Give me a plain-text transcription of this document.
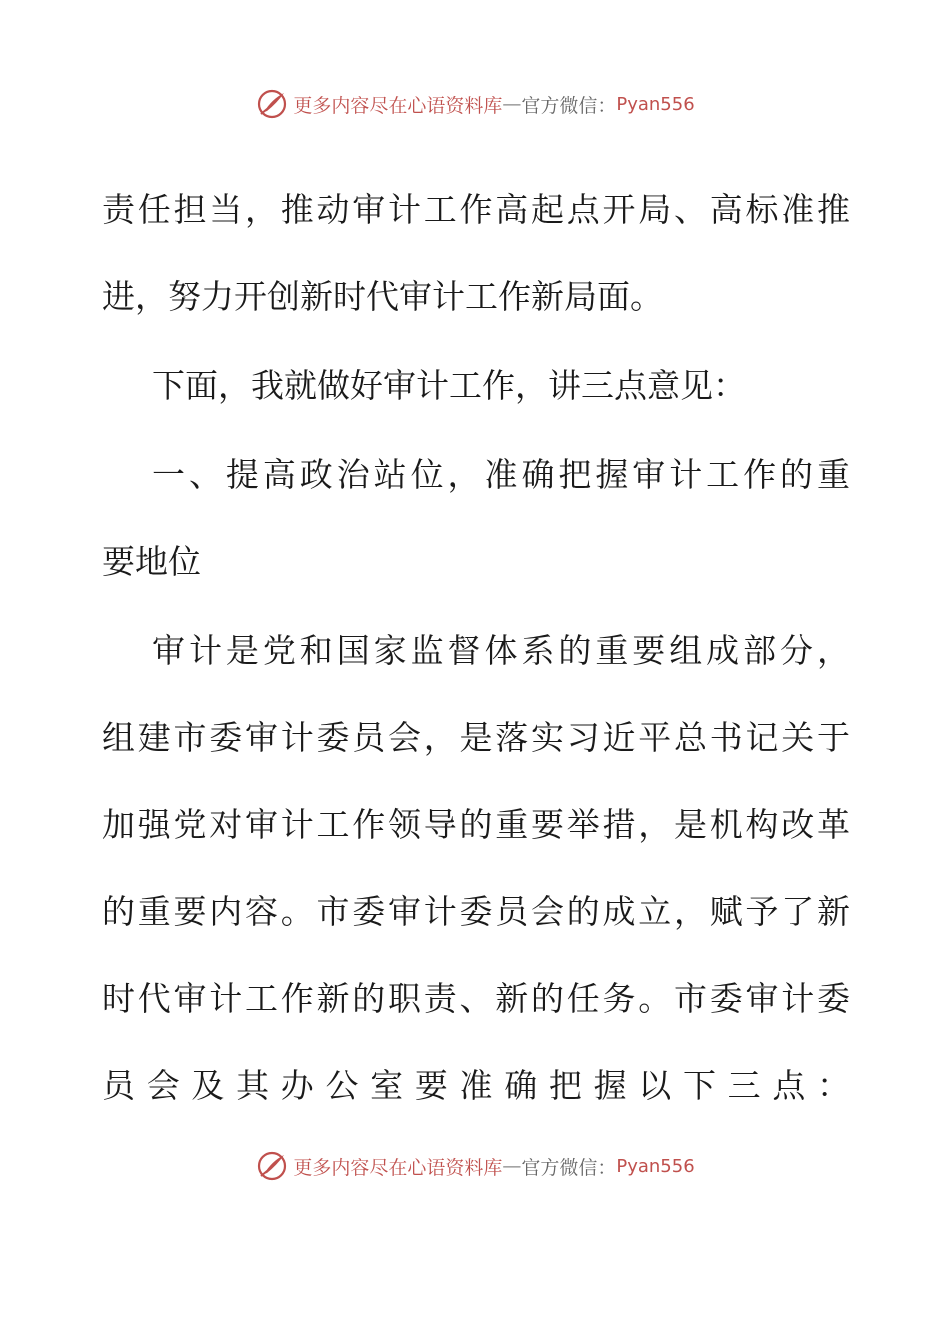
更多内容尽在心语资料库 — 官方微信： Pyan556
责任担当，推动审计工作高起点开局、高标准推
进，努力开创新时代审计工作新局面。
下面，我就做好审计工作，讲三点意见：
一、提高政治站位，准确把握审计工作的重
要地位
审计是党和国家监督体系的重要组成部分，
组建市委审计委员会，是落实习近平总书记关于
加强党对审计工作领导的重要举措，是机构改革
的重要内容。市委审计委员会的成立，赋予了新
时代审计工作新的职责、新的任务。市委审计委
员会及其办公室要准确把握以下三点：
更多内容尽在心语资料库 — 官方微信： Pyan556
